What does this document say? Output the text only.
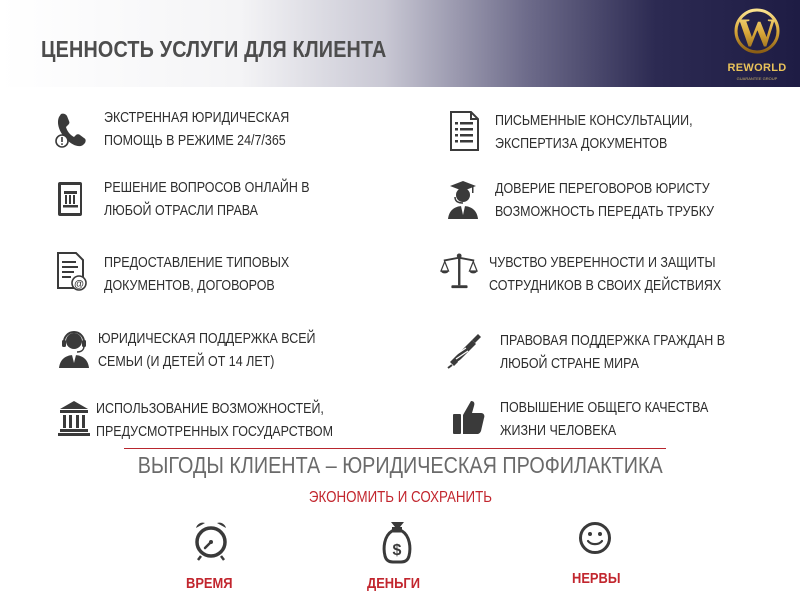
ЦЕННОСТЬ УСЛУГИ ДЛЯ КЛИЕНТА	W
REWORLD
GUARANTEE GROUP
ЭКСТРЕННАЯ ЮРИДИЧЕСКАЯ
ПОМОЩЬ В РЕЖИМЕ 24/7/365
РЕШЕНИЕ ВОПРОСОВ ОНЛАЙН В
ЛЮБОЙ ОТРАСЛИ ПРАВА
@
ПРЕДОСТАВЛЕНИЕ ТИПОВЫХ
ДОКУМЕНТОВ, ДОГОВОРОВ
ЮРИДИЧЕСКАЯ ПОДДЕРЖКА ВСЕЙ
СЕМЬИ (И ДЕТЕЙ ОТ 14 ЛЕТ)
ИСПОЛЬЗОВАНИЕ ВОЗМОЖНОСТЕЙ,
ПРЕДУСМОТРЕННЫХ ГОСУДАРСТВОМ
ПИСЬМЕННЫЕ КОНСУЛЬТАЦИИ,
ЭКСПЕРТИЗА ДОКУМЕНТОВ
ДОВЕРИЕ ПЕРЕГОВОРОВ ЮРИСТУ
ВОЗМОЖНОСТЬ ПЕРЕДАТЬ ТРУБКУ
ЧУВСТВО УВЕРЕННОСТИ И ЗАЩИТЫ
СОТРУДНИКОВ В СВОИХ ДЕЙСТВИЯХ
ПРАВОВАЯ ПОДДЕРЖКА ГРАЖДАН В
ЛЮБОЙ СТРАНЕ МИРА
ПОВЫШЕНИЕ ОБЩЕГО КАЧЕСТВА
ЖИЗНИ ЧЕЛОВЕКА
ВЫГОДЫ КЛИЕНТА – ЮРИДИЧЕСКАЯ ПРОФИЛАКТИКА
ЭКОНОМИТЬ И СОХРАНИТЬ
ВРЕМЯ
$
ДЕНЬГИ	НЕРВЫ
